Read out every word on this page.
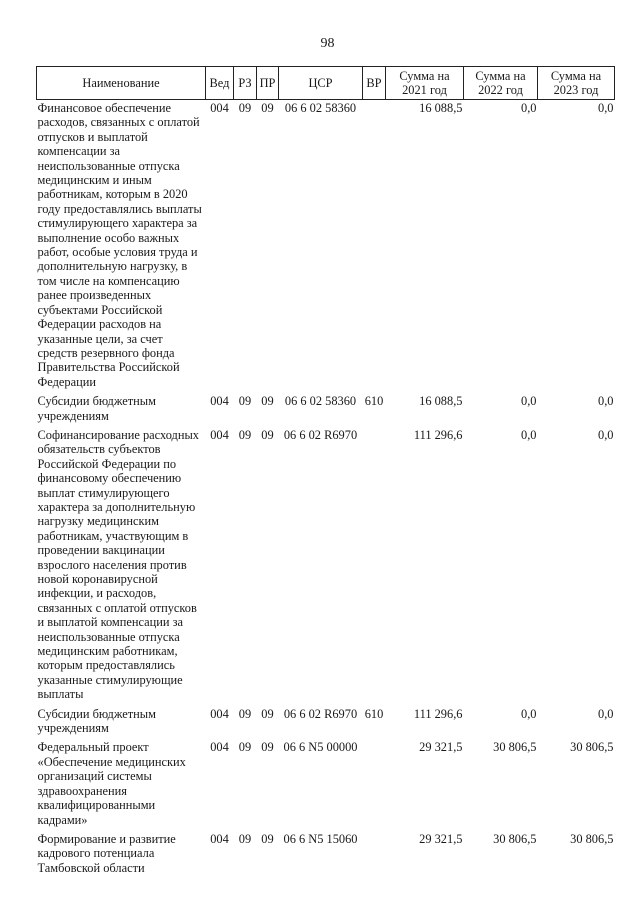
98
Наименование	Вед	РЗ	ПР	ЦСР	ВР	Сумма на 2021 год	Сумма на 2022 год	Сумма на 2023 год
Финансовое обеспечение расходов, связанных с оплатой отпусков и выплатой компенсации за неиспользованные отпуска медицинским и иным работникам, которым в 2020 году предоставлялись выплаты стимулирующего характера за выполнение особо важных работ, особые условия труда и дополнительную нагрузку, в том числе на компенсацию ранее произведенных субъектами Российской Федерации расходов на указанные цели, за счет средств резервного фонда Правительства Российской Федерации	004	09	09	06 6 02 58360		16 088,5	0,0	0,0
Субсидии бюджетным учреждениям	004	09	09	06 6 02 58360	610	16 088,5	0,0	0,0
Софинансирование расходных обязательств субъектов Российской Федерации по финансовому обеспечению выплат стимулирующего характера за дополнительную нагрузку медицинским работникам, участвующим в проведении вакцинации взрослого населения против новой коронавирусной инфекции, и расходов, связанных с оплатой отпусков и выплатой компенсации за неиспользованные отпуска медицинским работникам, которым предоставлялись указанные стимулирующие выплаты	004	09	09	06 6 02 R6970		111 296,6	0,0	0,0
Субсидии бюджетным учреждениям	004	09	09	06 6 02 R6970	610	111 296,6	0,0	0,0
Федеральный проект «Обеспечение медицинских организаций системы здравоохранения квалифицированными кадрами»	004	09	09	06 6 N5 00000		29 321,5	30 806,5	30 806,5
Формирование и развитие кадрового потенциала Тамбовской области	004	09	09	06 6 N5 15060		29 321,5	30 806,5	30 806,5
